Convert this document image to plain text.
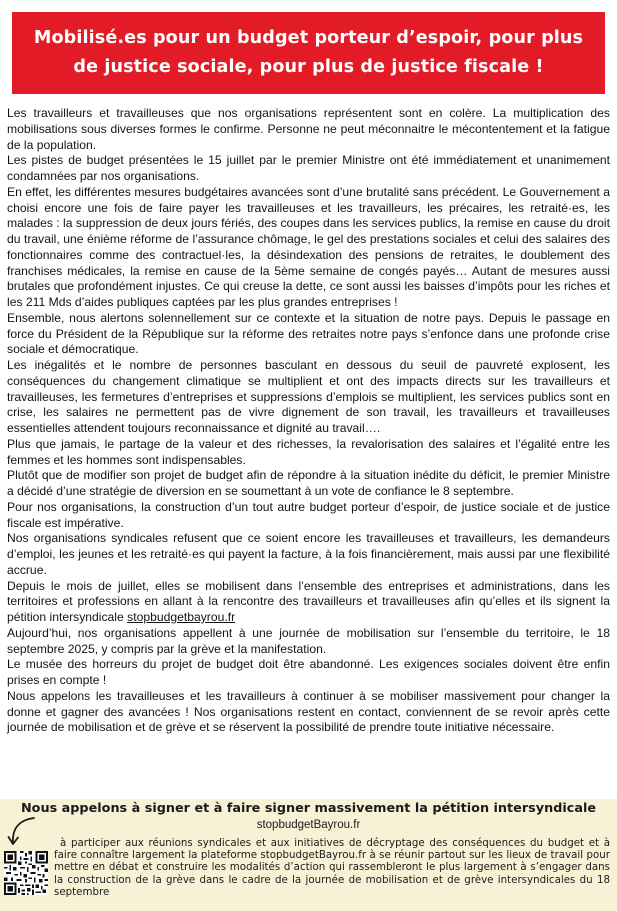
Mobilisé.es pour un budget porteur d’espoir, pour plus de justice sociale, pour plus de justice fiscale !

Les travailleurs et travailleuses que nos organisations représentent sont en colère. La multiplication des mobilisations sous diverses formes le confirme. Personne ne peut méconnaitre le mécontentement et la fatigue de la population.

Les pistes de budget présentées le 15 juillet par le premier Ministre ont été immédiatement et unanimement condamnées par nos organisations.

En effet, les différentes mesures budgétaires avancées sont d’une brutalité sans précédent. Le Gouvernement a choisi encore une fois de faire payer les travailleuses et les travailleurs, les précaires, les retraité·es, les malades : la suppression de deux jours fériés, des coupes dans les services publics, la remise en cause du droit du travail, une énième réforme de l’assurance chômage, le gel des prestations sociales et celui des salaires des fonctionnaires comme des contractuel·les, la désindexation des pensions de retraites, le doublement des franchises médicales, la remise en cause de la 5ème semaine de congés payés… Autant de mesures aussi brutales que profondément injustes. Ce qui creuse la dette, ce sont aussi les baisses d’impôts pour les riches et les 211 Mds d’aides publiques captées par les plus grandes entreprises !

Ensemble, nous alertons solennellement sur ce contexte et la situation de notre pays. Depuis le passage en force du Président de la République sur la réforme des retraites notre pays s’enfonce dans une profonde crise sociale et démocratique.

Les inégalités et le nombre de personnes basculant en dessous du seuil de pauvreté explosent, les conséquences du changement climatique se multiplient et ont des impacts directs sur les travailleurs et travailleuses, les fermetures d’entreprises et suppressions d’emplois se multiplient, les services publics sont en crise, les salaires ne permettent pas de vivre dignement de son travail, les travailleurs et travailleuses essentielles attendent toujours reconnaissance et dignité au travail….

Plus que jamais, le partage de la valeur et des richesses, la revalorisation des salaires et l’égalité entre les femmes et les hommes sont indispensables.

Plutôt que de modifier son projet de budget afin de répondre à la situation inédite du déficit, le premier Ministre a décidé d’une stratégie de diversion en se soumettant à un vote de confiance le 8 septembre.

Pour nos organisations, la construction d’un tout autre budget porteur d’espoir, de justice sociale et de justice fiscale est impérative.

Nos organisations syndicales refusent que ce soient encore les travailleuses et travailleurs, les demandeurs d’emploi, les jeunes et les retraité·es qui payent la facture, à la fois financièrement, mais aussi par une flexibilité accrue.

Depuis le mois de juillet, elles se mobilisent dans l’ensemble des entreprises et administrations, dans les territoires et professions en allant à la rencontre des travailleurs et travailleuses afin qu’elles et ils signent la pétition intersyndicale stopbudgetbayrou.fr

Aujourd’hui, nos organisations appellent à une journée de mobilisation sur l’ensemble du territoire, le 18 septembre 2025, y compris par la grève et la manifestation.

Le musée des horreurs du projet de budget doit être abandonné. Les exigences sociales doivent être enfin prises en compte !

Nous appelons les travailleuses et les travailleurs à continuer à se mobiliser massivement pour changer la donne et gagner des avancées ! Nos organisations restent en contact, conviennent de se revoir après cette journée de mobilisation et de grève et se réservent la possibilité de prendre toute initiative nécessaire.

Nous appelons à signer et à faire signer massivement la pétition intersyndicale

stopbudgetBayrou.fr

à participer aux réunions syndicales et aux initiatives de décryptage des conséquences du budget et à faire connaître largement la plateforme stopbudgetBayrou.fr à se réunir partout sur les lieux de travail pour mettre en débat et construire les modalités d’action qui rassembleront le plus largement à s’engager dans la construction de la grève dans le cadre de la journée de mobilisation et de grève intersyndicales du 18 septembre
